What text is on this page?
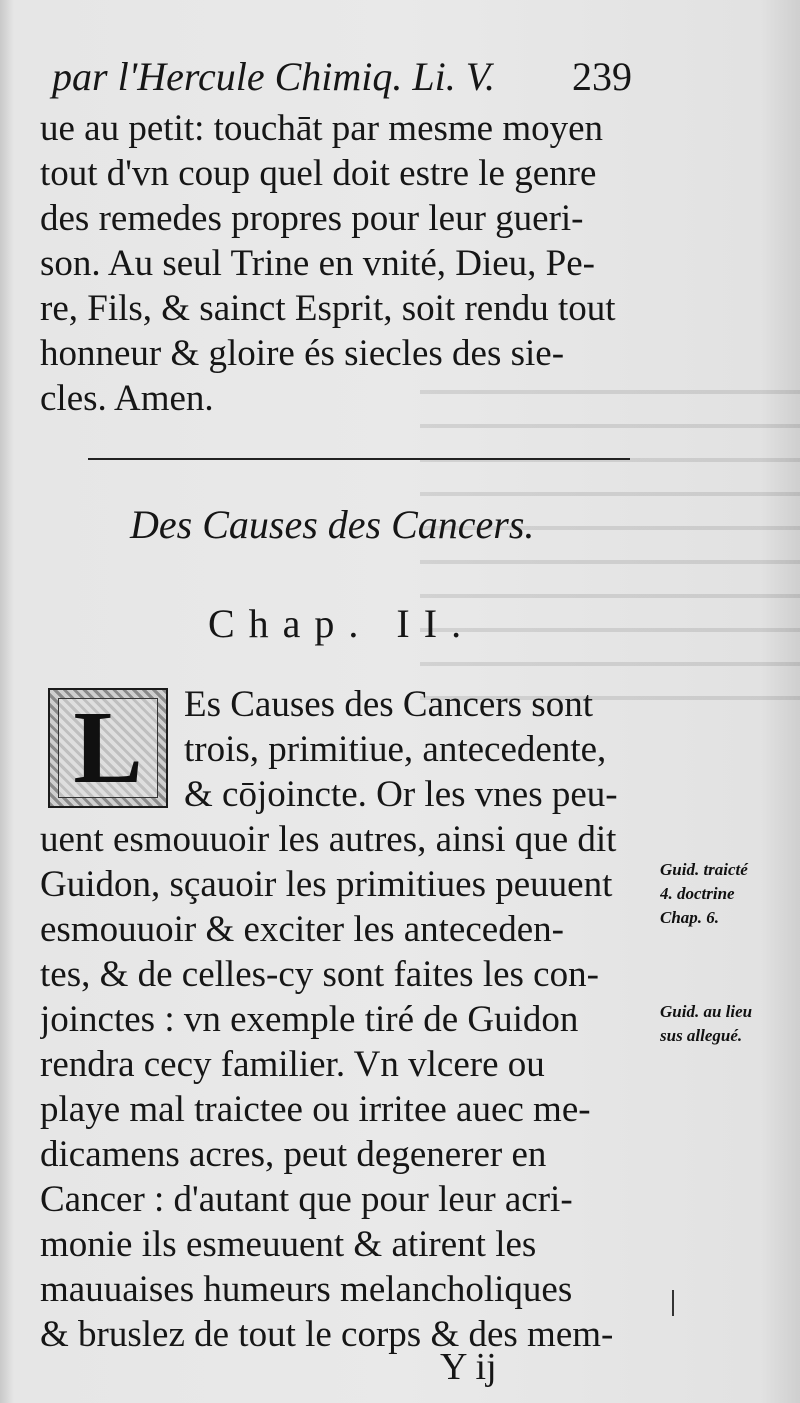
par l'Hercule Chimiq. Li. V. 239
ue au petit: touchāt par mesme moyen
tout d'vn coup quel doit estre le genre
des remedes propres pour leur gueri-
son. Au seul Trine en vnité, Dieu, Pe-
re, Fils, & sainct Esprit, soit rendu tout
honneur & gloire és siecles des sie-
cles. Amen.
Des Causes des Cancers.
Chap. II.
L	Es Causes des Cancers sont
trois, primitiue, antecedente,
& cōjoincte. Or les vnes peu-
uent esmouuoir les autres, ainsi que dit
Guidon, sçauoir les primitiues peuuent
esmouuoir & exciter les anteceden-
tes, & de celles-cy sont faites les con-
joinctes : vn exemple tiré de Guidon
rendra cecy familier. Vn vlcere ou
playe mal traictee ou irritee auec me-
dicamens acres, peut degenerer en
Cancer : d'autant que pour leur acri-
monie ils esmeuuent & atirent les
mauuaises humeurs melancholiques
& bruslez de tout le corps & des mem-
Guid. traicté
4. doctrine
Chap. 6.
Guid. au lieu
sus allegué.
Y ij
